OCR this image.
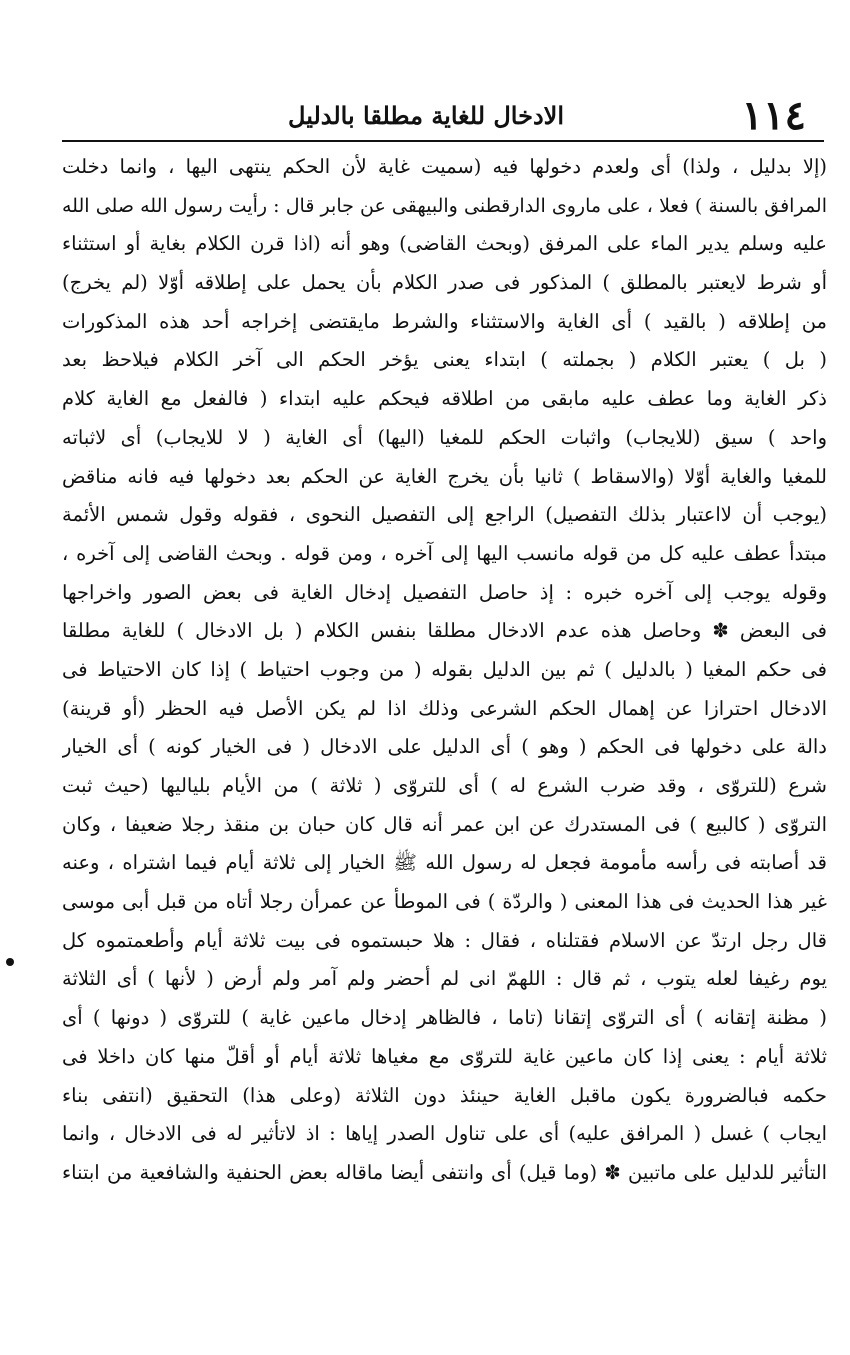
١١٤
الادخال للغاية مطلقا بالدليل
(إلا بدليل ، ولذا) أى ولعدم دخولها فيه (سميت غاية لأن الحكم ينتهى اليها ، وانما دخلت
المرافق بالسنة ) فعلا ، على ماروى الدارقطنى والبيهقى عن جابر قال : رأيت رسول الله صلى الله
عليه وسلم يدير الماء على المرفق (وبحث القاضى) وهو أنه (اذا قرن الكلام بغاية أو استثناء
أو شرط لايعتبر بالمطلق ) المذكور فى صدر الكلام بأن يحمل على إطلاقه أوّلا (لم يخرج)
من إطلاقه ( بالقيد ) أى الغاية والاستثناء والشرط مايقتضى إخراجه أحد هذه المذكورات
( بل ) يعتبر الكلام ( بجملته ) ابتداء يعنى يؤخر الحكم الى آخر الكلام فيلاحظ بعد
ذكر الغاية وما عطف عليه مابقى من اطلاقه فيحكم عليه ابتداء ( فالفعل مع الغاية كلام
واحد ) سيق (للايجاب) واثبات الحكم للمغيا (اليها) أى الغاية ( لا للايجاب) أى لاثباته
للمغيا والغاية أوّلا (والاسقاط ) ثانيا بأن يخرج الغاية عن الحكم بعد دخولها فيه فانه مناقض
(يوجب أن لااعتبار بذلك التفصيل) الراجع إلى التفصيل النحوى ، فقوله وقول شمس الأئمة
مبتدأ عطف عليه كل من قوله مانسب اليها إلى آخره ، ومن قوله . وبحث القاضى إلى آخره ،
وقوله يوجب إلى آخره خبره : إذ حاصل التفصيل إدخال الغاية فى بعض الصور واخراجها
فى البعض ✽ وحاصل هذه عدم الادخال مطلقا بنفس الكلام ( بل الادخال ) للغاية مطلقا
فى حكم المغيا ( بالدليل ) ثم بين الدليل بقوله ( من وجوب احتياط ) إذا كان الاحتياط فى
الادخال احترازا عن إهمال الحكم الشرعى وذلك اذا لم يكن الأصل فيه الحظر (أو قرينة)
دالة على دخولها فى الحكم ( وهو ) أى الدليل على الادخال ( فى الخيار كونه ) أى الخيار
شرع (للتروّى ، وقد ضرب الشرع له ) أى للتروّى ( ثلاثة ) من الأيام بلياليها (حيث ثبت
التروّى ( كالبيع ) فى المستدرك عن ابن عمر أنه قال كان حبان بن منقذ رجلا ضعيفا ، وكان
قد أصابته فى رأسه مأمومة فجعل له رسول الله ﷺ الخيار إلى ثلاثة أيام فيما اشتراه ، وعنه
غير هذا الحديث فى هذا المعنى ( والردّة ) فى الموطأ عن عمرأن رجلا أتاه من قبل أبى موسى
قال رجل ارتدّ عن الاسلام فقتلناه ، فقال : هلا حبستموه فى بيت ثلاثة أيام وأطعمتموه كل
يوم رغيفا لعله يتوب ، ثم قال : اللهمّ انى لم أحضر ولم آمر ولم أرض ( لأنها ) أى الثلاثة
( مظنة إتقانه ) أى التروّى إتقانا (تاما ، فالظاهر إدخال ماعين غاية ) للتروّى ( دونها ) أى
ثلاثة أيام : يعنى إذا كان ماعين غاية للتروّى مع مغياها ثلاثة أيام أو أقلّ منها كان داخلا فى
حكمه فبالضرورة يكون ماقبل الغاية حينئذ دون الثلاثة (وعلى هذا) التحقيق (انتفى بناء
ايجاب ) غسل ( المرافق عليه) أى على تناول الصدر إياها : اذ لاتأثير له فى الادخال ، وانما
التأثير للدليل على ماتبين ✽ (وما قيل) أى وانتفى أيضا ماقاله بعض الحنفية والشافعية من ابتناء
